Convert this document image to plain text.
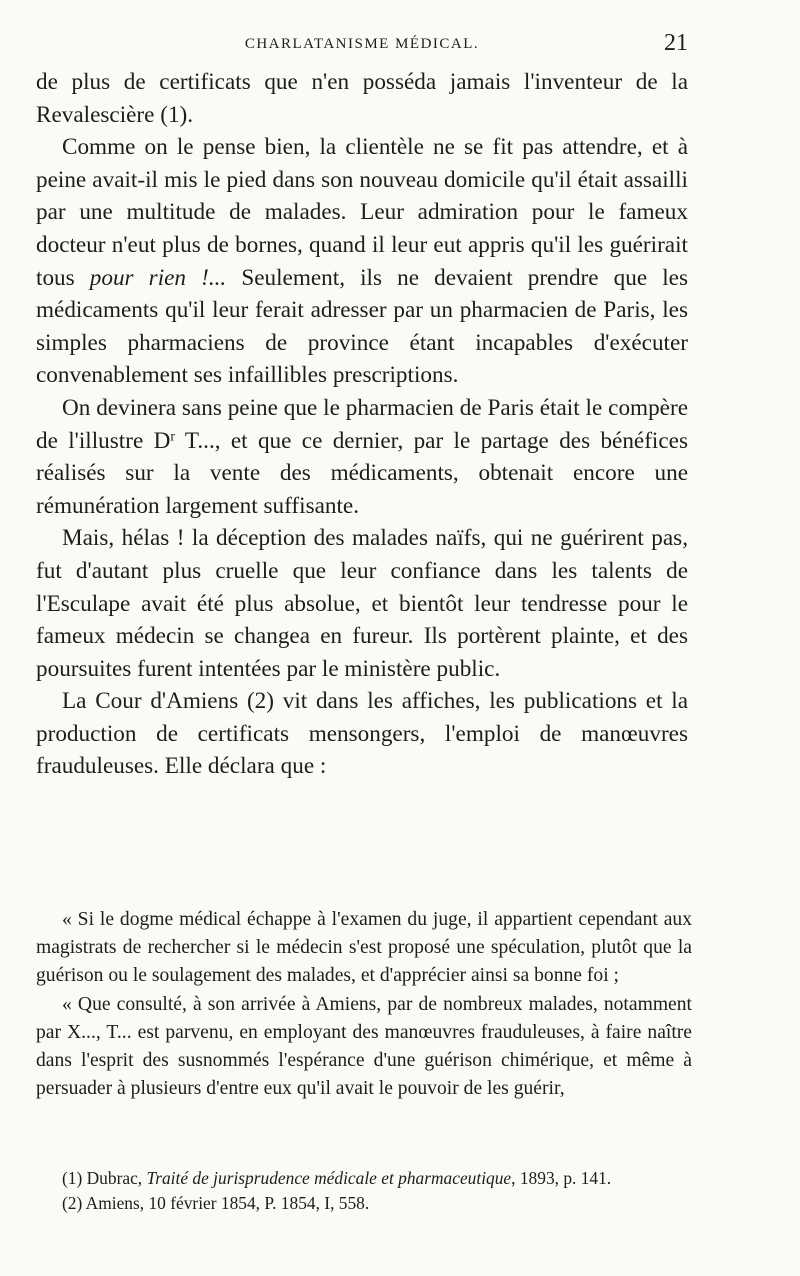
CHARLATANISME MÉDICAL.	21

de plus de certificats que n'en posséda jamais l'inventeur de la Revalescière (1).

Comme on le pense bien, la clientèle ne se fit pas attendre, et à peine avait-il mis le pied dans son nouveau domicile qu'il était assailli par une multitude de malades. Leur admiration pour le fameux docteur n'eut plus de bornes, quand il leur eut appris qu'il les guérirait tous pour rien !... Seulement, ils ne devaient prendre que les médicaments qu'il leur ferait adresser par un pharmacien de Paris, les simples pharmaciens de province étant incapables d'exécuter convenablement ses infaillibles prescriptions.

On devinera sans peine que le pharmacien de Paris était le compère de l'illustre $D^r$ T..., et que ce dernier, par le partage des bénéfices réalisés sur la vente des médicaments, obtenait encore une rémunération largement suffisante.

Mais, hélas ! la déception des malades naïfs, qui ne guérirent pas, fut d'autant plus cruelle que leur confiance dans les talents de l'Esculape avait été plus absolue, et bientôt leur tendresse pour le fameux médecin se changea en fureur. Ils portèrent plainte, et des poursuites furent intentées par le ministère public.

La Cour d'Amiens (2) vit dans les affiches, les publications et la production de certificats mensongers, l'emploi de manœuvres frauduleuses. Elle déclara que :

« Si le dogme médical échappe à l'examen du juge, il appartient cependant aux magistrats de rechercher si le médecin s'est proposé une spéculation, plutôt que la guérison ou le soulagement des malades, et d'apprécier ainsi sa bonne foi ;

« Que consulté, à son arrivée à Amiens, par de nombreux malades, notamment par X..., T... est parvenu, en employant des manœuvres frauduleuses, à faire naître dans l'esprit des susnommés l'espérance d'une guérison chimérique, et même à persuader à plusieurs d'entre eux qu'il avait le pouvoir de les guérir,

(1) Dubrac, Traité de jurisprudence médicale et pharmaceutique, 1893, p. 141.

(2) Amiens, 10 février 1854, P. 1854, I, 558.
